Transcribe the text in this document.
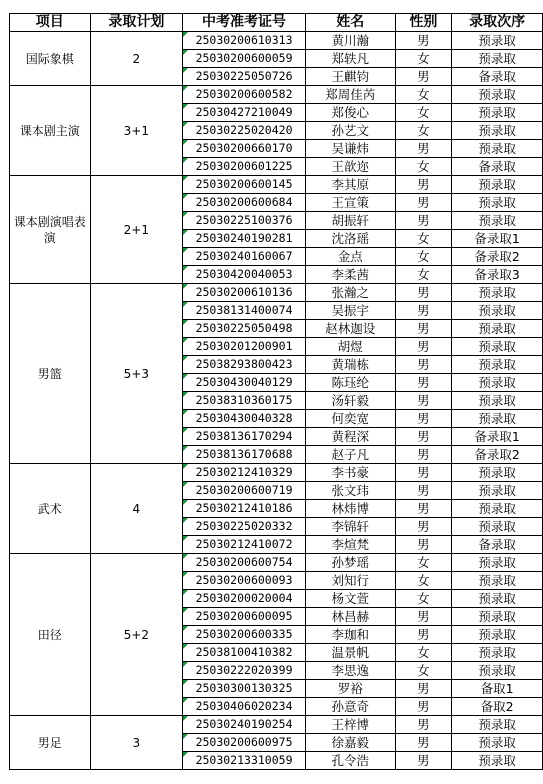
项目	录取计划	中考准考证号	姓名	性别	录取次序
国际象棋	2	25030200610313	黄川瀚	男	预录取
		25030200600059	郑轶凡	女	预录取
		25030225050726	王麒钧	男	备录取
课本剧主演	3+1	25030200600582	郑周佳芮	女	预录取
		25030427210049	郑俊心	女	预录取
		25030225020420	孙艺文	女	预录取
		25030200660170	吴谦炜	男	预录取
		25030200601225	王歆迩	女	备录取
课本剧演唱表演	2+1	25030200600145	李其原	男	预录取
		25030200600684	王宣策	男	预录取
		25030225100376	胡振轩	男	预录取
		25030240190281	沈洛瑶	女	备录取1
		25030240160067	金点	女	备录取2
		25030420040053	李柔茜	女	备录取3
男篮	5+3	25030200610136	张瀚之	男	预录取
		25038131400074	吴振宇	男	预录取
		25030225050498	赵林迦设	男	预录取
		25030201200901	胡煜	男	预录取
		25038293800423	黄瑞栋	男	预录取
		25030430040129	陈珏纶	男	预录取
		25038310360175	汤轩毅	男	预录取
		25030430040328	何奕宽	男	预录取
		25038136170294	黄程深	男	备录取1
		25038136170688	赵子凡	男	备录取2
武术	4	25030212410329	李书豪	男	预录取
		25030200600719	张文玮	男	预录取
		25030212410186	林炜博	男	预录取
		25030225020332	李锦轩	男	预录取
		25030212410072	李煊梵	男	备录取
田径	5+2	25030200600754	孙梦瑶	女	预录取
		25030200600093	刘知行	女	预录取
		25030200020004	杨文萱	女	预录取
		25030200600095	林昌赫	男	预录取
		25030200600335	李珈和	男	预录取
		25038100410382	温景帆	女	预录取
		25030222020399	李思逸	女	预录取
		25030300130325	罗裕	男	备取1
		25030406020234	孙意奇	男	备取2
男足	3	25030240190254	王梓博	男	预录取
		25030200600975	徐嘉毅	男	预录取
		25030213310059	孔令浩	男	预录取
